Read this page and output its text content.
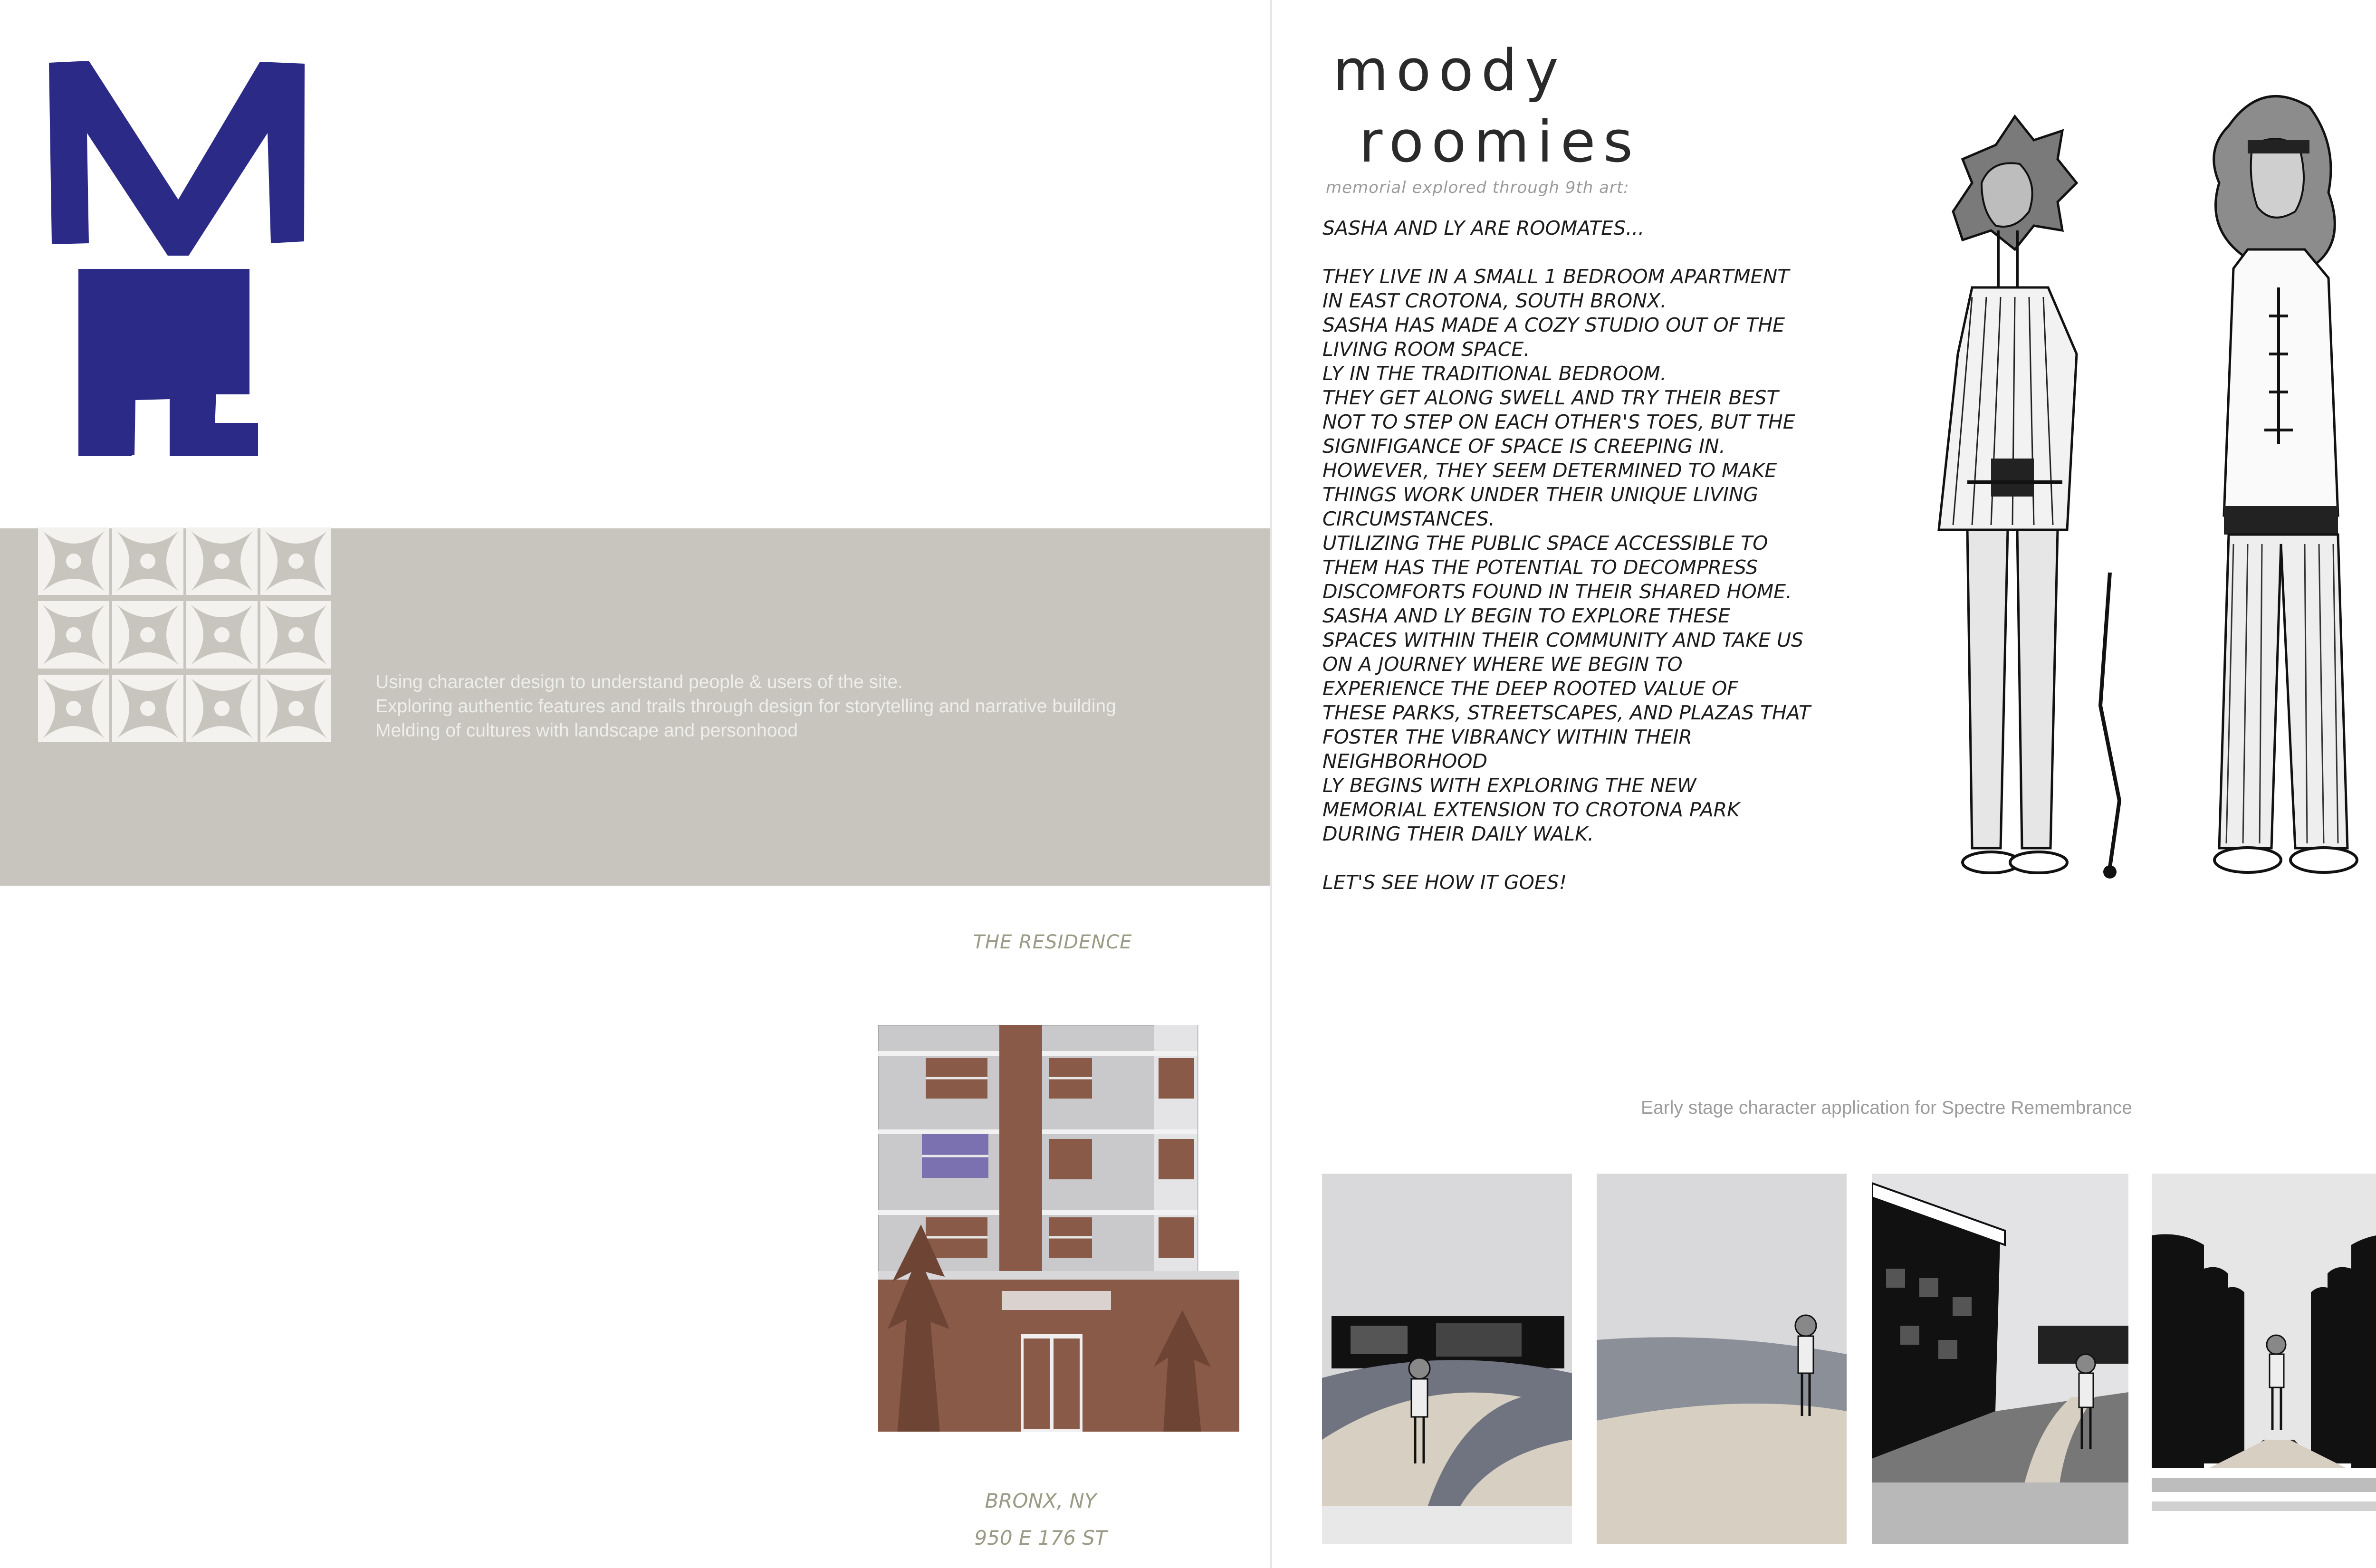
Using character design to understand people & users of the site.
Exploring authentic features and trails through design for storytelling and narrative building
Melding of cultures with landscape and personhood
THE RESIDENCE
BRONX, NY
950 E 176 ST
moody
roomies
memorial explored through 9th art:

SASHA AND LY ARE ROOMATES...

THEY LIVE IN A SMALL 1 BEDROOM APARTMENT

IN EAST CROTONA, SOUTH BRONX.

SASHA HAS MADE A COZY STUDIO OUT OF THE

LIVING ROOM SPACE.

LY IN THE TRADITIONAL BEDROOM.

THEY GET ALONG SWELL AND TRY THEIR BEST

NOT TO STEP ON EACH OTHER'S TOES, BUT THE

SIGNIFIGANCE OF SPACE IS CREEPING IN.

HOWEVER, THEY SEEM DETERMINED TO MAKE

THINGS WORK UNDER THEIR UNIQUE LIVING

CIRCUMSTANCES.

UTILIZING THE PUBLIC SPACE ACCESSIBLE TO

THEM HAS THE POTENTIAL TO DECOMPRESS

DISCOMFORTS FOUND IN THEIR SHARED HOME.

SASHA AND LY BEGIN TO EXPLORE THESE

SPACES WITHIN THEIR COMMUNITY AND TAKE US

ON A JOURNEY WHERE WE BEGIN TO

EXPERIENCE THE DEEP ROOTED VALUE OF

THESE PARKS, STREETSCAPES, AND PLAZAS THAT

FOSTER THE VIBRANCY WITHIN THEIR

NEIGHBORHOOD

LY BEGINS WITH EXPLORING THE NEW

MEMORIAL EXTENSION TO CROTONA PARK

DURING THEIR DAILY WALK.

LET'S SEE HOW IT GOES!

Early stage character application for Spectre Remembrance
